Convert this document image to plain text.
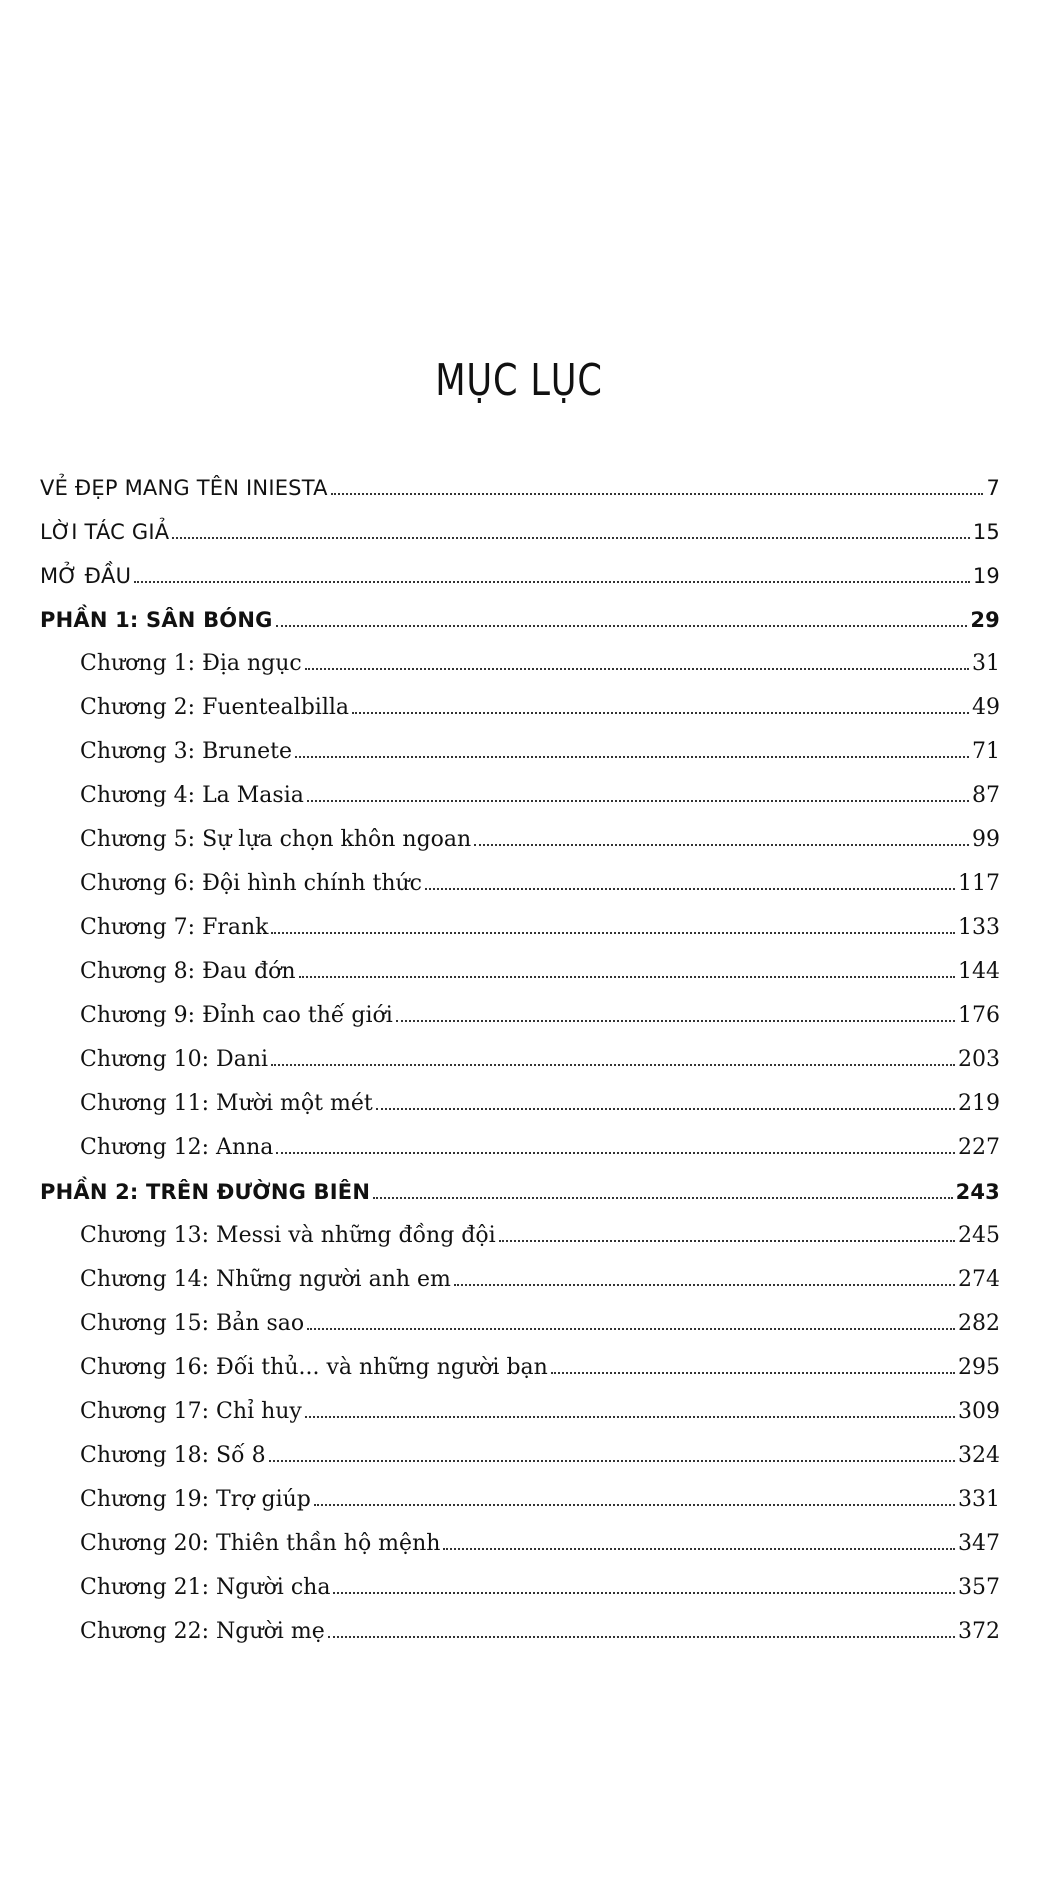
MỤC LỤC
VẺ ĐẸP MANG TÊN INIESTA	7
LỜI TÁC GIẢ	15
MỞ ĐẦU	19
PHẦN 1: SÂN BÓNG	29
Chương 1: Địa ngục	31
Chương 2: Fuentealbilla	49
Chương 3: Brunete	71
Chương 4: La Masia	87
Chương 5: Sự lựa chọn khôn ngoan	99
Chương 6: Đội hình chính thức	117
Chương 7: Frank	133
Chương 8: Đau đớn	144
Chương 9: Đỉnh cao thế giới	176
Chương 10: Dani	203
Chương 11: Mười một mét	219
Chương 12: Anna	227
PHẦN 2: TRÊN ĐƯỜNG BIÊN	243
Chương 13: Messi và những đồng đội	245
Chương 14: Những người anh em	274
Chương 15: Bản sao	282
Chương 16: Đối thủ... và những người bạn	295
Chương 17: Chỉ huy	309
Chương 18: Số 8	324
Chương 19: Trợ giúp	331
Chương 20: Thiên thần hộ mệnh	347
Chương 21: Người cha	357
Chương 22: Người mẹ	372
